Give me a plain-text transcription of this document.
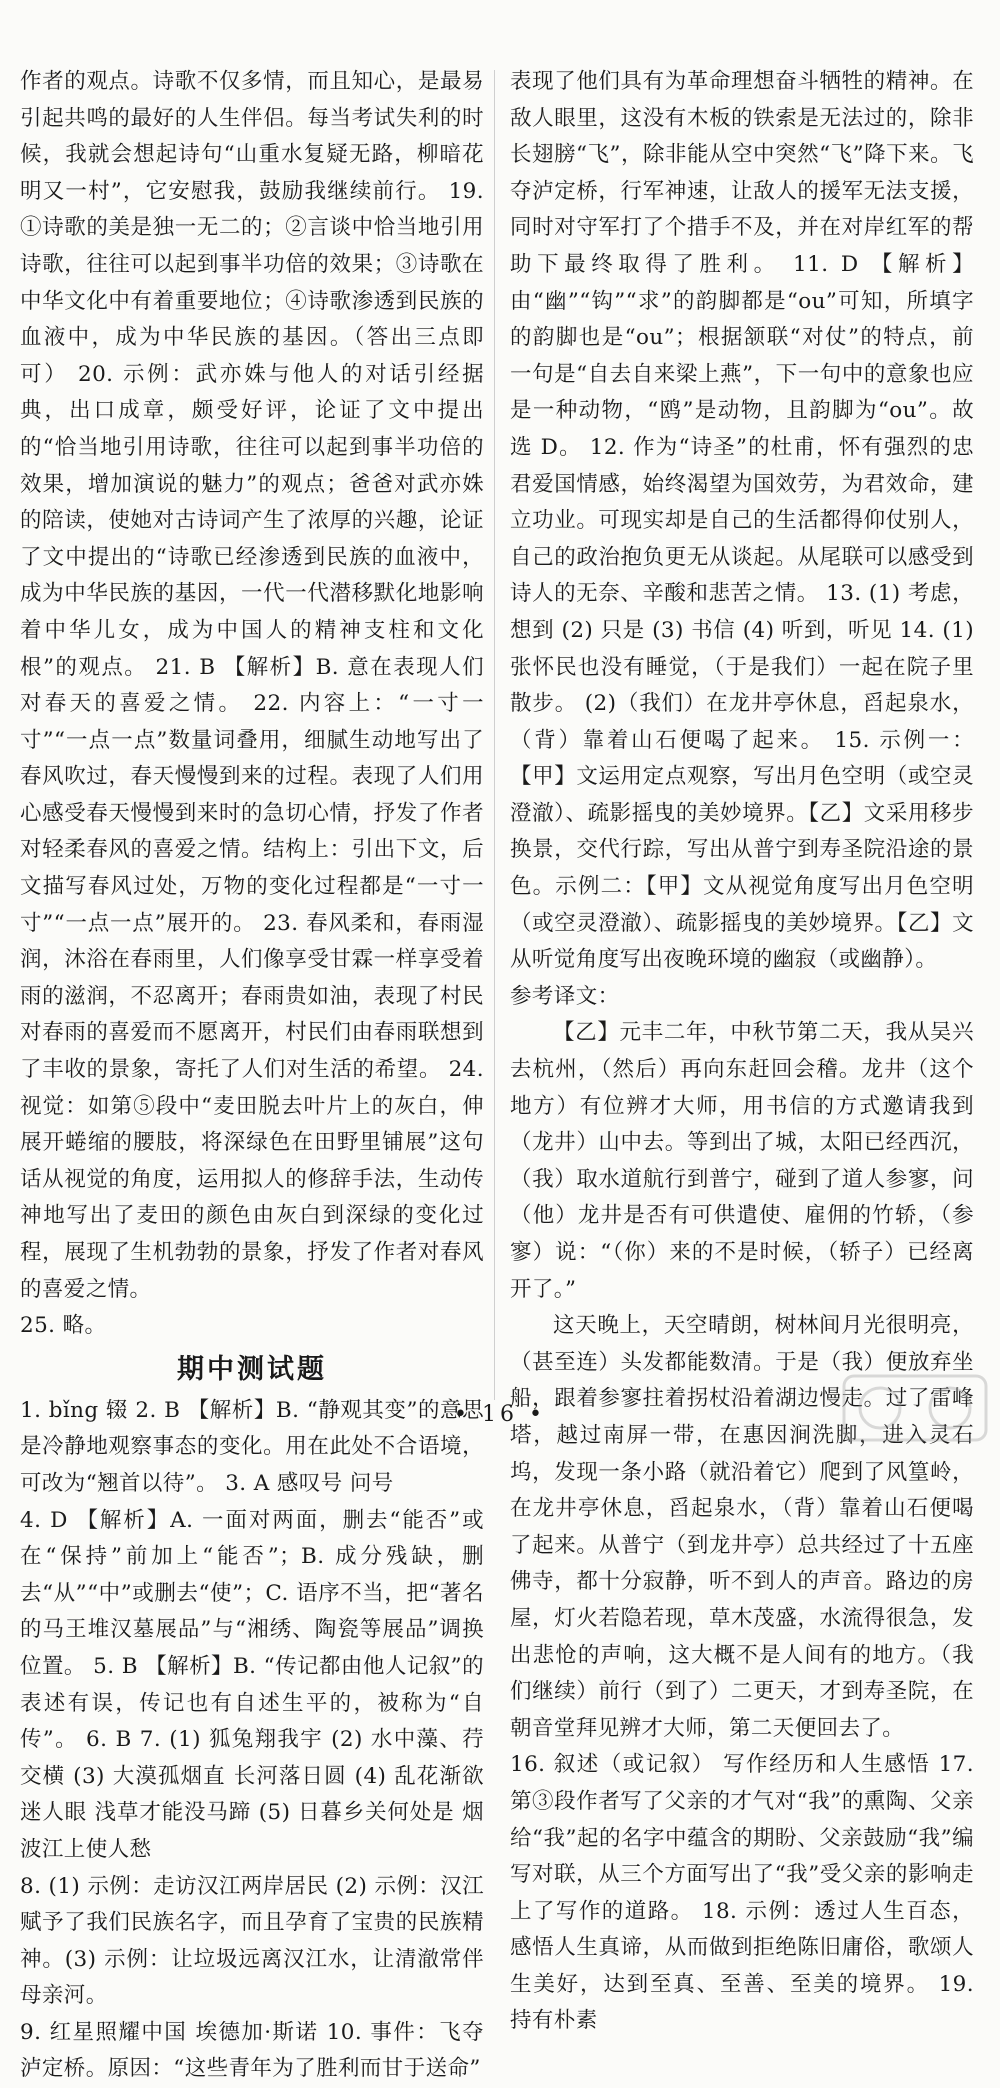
作者的观点。诗歌不仅多情，而且知心，是最易引起共鸣的最好的人生伴侣。每当考试失利的时候，我就会想起诗句“山重水复疑无路，柳暗花明又一村”，它安慰我，鼓励我继续前行。 19. ①诗歌的美是独一无二的；②言谈中恰当地引用诗歌，往往可以起到事半功倍的效果；③诗歌在中华文化中有着重要地位；④诗歌渗透到民族的血液中，成为中华民族的基因。（答出三点即可） 20. 示例：武亦姝与他人的对话引经据典，出口成章，颇受好评，论证了文中提出的“恰当地引用诗歌，往往可以起到事半功倍的效果，增加演说的魅力”的观点；爸爸对武亦姝的陪读，使她对古诗词产生了浓厚的兴趣，论证了文中提出的“诗歌已经渗透到民族的血液中，成为中华民族的基因，一代一代潜移默化地影响着中华儿女，成为中国人的精神支柱和文化根”的观点。 21. B 【解析】B. 意在表现人们对春天的喜爱之情。 22. 内容上：“一寸一寸”“一点一点”数量词叠用，细腻生动地写出了春风吹过，春天慢慢到来的过程。表现了人们用心感受春天慢慢到来时的急切心情，抒发了作者对轻柔春风的喜爱之情。结构上：引出下文，后文描写春风过处，万物的变化过程都是“一寸一寸”“一点一点”展开的。 23. 春风柔和，春雨湿润，沐浴在春雨里，人们像享受甘霖一样享受着雨的滋润，不忍离开；春雨贵如油，表现了村民对春雨的喜爱而不愿离开，村民们由春雨联想到了丰收的景象，寄托了人们对生活的希望。 24. 视觉：如第⑤段中“麦田脱去叶片上的灰白，伸展开蜷缩的腰肢，将深绿色在田野里铺展”这句话从视觉的角度，运用拟人的修辞手法，生动传神地写出了麦田的颜色由灰白到深绿的变化过程，展现了生机勃勃的景象，抒发了作者对春风的喜爱之情。

25. 略。

期中测试题

1. bǐng 辍 2. B 【解析】B. “静观其变”的意思是冷静地观察事态的变化。用在此处不合语境，可改为“翘首以待”。 3. A 感叹号 问号

4. D 【解析】A. 一面对两面，删去“能否”或在“保持”前加上“能否”；B. 成分残缺，删去“从”“中”或删去“使”；C. 语序不当，把“著名的马王堆汉墓展品”与“湘绣、陶瓷等展品”调换位置。 5. B 【解析】B. “传记都由他人记叙”的表述有误，传记也有自述生平的，被称为“自传”。 6. B 7. (1) 狐兔翔我宇 (2) 水中藻、荇交横 (3) 大漠孤烟直 长河落日圆 (4) 乱花渐欲迷人眼 浅草才能没马蹄 (5) 日暮乡关何处是 烟波江上使人愁

8. (1) 示例：走访汉江两岸居民 (2) 示例：汉江赋予了我们民族名字，而且孕育了宝贵的民族精神。(3) 示例：让垃圾远离汉江水，让清澈常伴母亲河。

9. 红星照耀中国 埃德加·斯诺 10. 事件：飞夺泸定桥。原因：“这些青年为了胜利而甘于送命”

表现了他们具有为革命理想奋斗牺牲的精神。在敌人眼里，这没有木板的铁索是无法过的，除非长翅膀“飞”，除非能从空中突然“飞”降下来。飞夺泸定桥，行军神速，让敌人的援军无法支援，同时对守军打了个措手不及，并在对岸红军的帮助下最终取得了胜利。 11. D 【解析】由“幽”“钩”“求”的韵脚都是“ou”可知，所填字的韵脚也是“ou”；根据颔联“对仗”的特点，前一句是“自去自来梁上燕”，下一句中的意象也应是一种动物，“鸥”是动物，且韵脚为“ou”。故选 D。 12. 作为“诗圣”的杜甫，怀有强烈的忠君爱国情感，始终渴望为国效劳，为君效命，建立功业。可现实却是自己的生活都得仰仗别人，自己的政治抱负更无从谈起。从尾联可以感受到诗人的无奈、辛酸和悲苦之情。 13. (1) 考虑，想到 (2) 只是 (3) 书信 (4) 听到，听见 14. (1) 张怀民也没有睡觉，（于是我们）一起在院子里散步。 (2)（我们）在龙井亭休息，舀起泉水，（背）靠着山石便喝了起来。 15. 示例一：【甲】文运用定点观察，写出月色空明（或空灵澄澈）、疏影摇曳的美妙境界。【乙】文采用移步换景，交代行踪，写出从普宁到寿圣院沿途的景色。示例二：【甲】文从视觉角度写出月色空明（或空灵澄澈）、疏影摇曳的美妙境界。【乙】文从听觉角度写出夜晚环境的幽寂（或幽静）。

参考译文：

【乙】元丰二年，中秋节第二天，我从吴兴去杭州，（然后）再向东赶回会稽。龙井（这个地方）有位辨才大师，用书信的方式邀请我到（龙井）山中去。等到出了城，太阳已经西沉，（我）取水道航行到普宁，碰到了道人参寥，问（他）龙井是否有可供遣使、雇佣的竹轿，（参寥）说：“（你）来的不是时候，（轿子）已经离开了。”

这天晚上，天空晴朗，树林间月光很明亮，（甚至连）头发都能数清。于是（我）便放弃坐船，跟着参寥拄着拐杖沿着湖边慢走。过了雷峰塔，越过南屏一带，在惠因涧洗脚，进入灵石坞，发现一条小路（就沿着它）爬到了风篁岭，在龙井亭休息，舀起泉水，（背）靠着山石便喝了起来。从普宁（到龙井亭）总共经过了十五座佛寺，都十分寂静，听不到人的声音。路边的房屋，灯火若隐若现，草木茂盛，水流得很急，发出悲怆的声响，这大概不是人间有的地方。（我们继续）前行（到了）二更天，才到寿圣院，在朝音堂拜见辨才大师，第二天便回去了。

16. 叙述（或记叙） 写作经历和人生感悟 17. 第③段作者写了父亲的才气对“我”的熏陶、父亲给“我”起的名字中蕴含的期盼、父亲鼓励“我”编写对联，从三个方面写出了“我”受父亲的影响走上了写作的道路。 18. 示例：透过人生百态，感悟人生真谛，从而做到拒绝陈旧庸俗，歌颂人生美好，达到至真、至善、至美的境界。 19. 持有朴素

• 16 •
